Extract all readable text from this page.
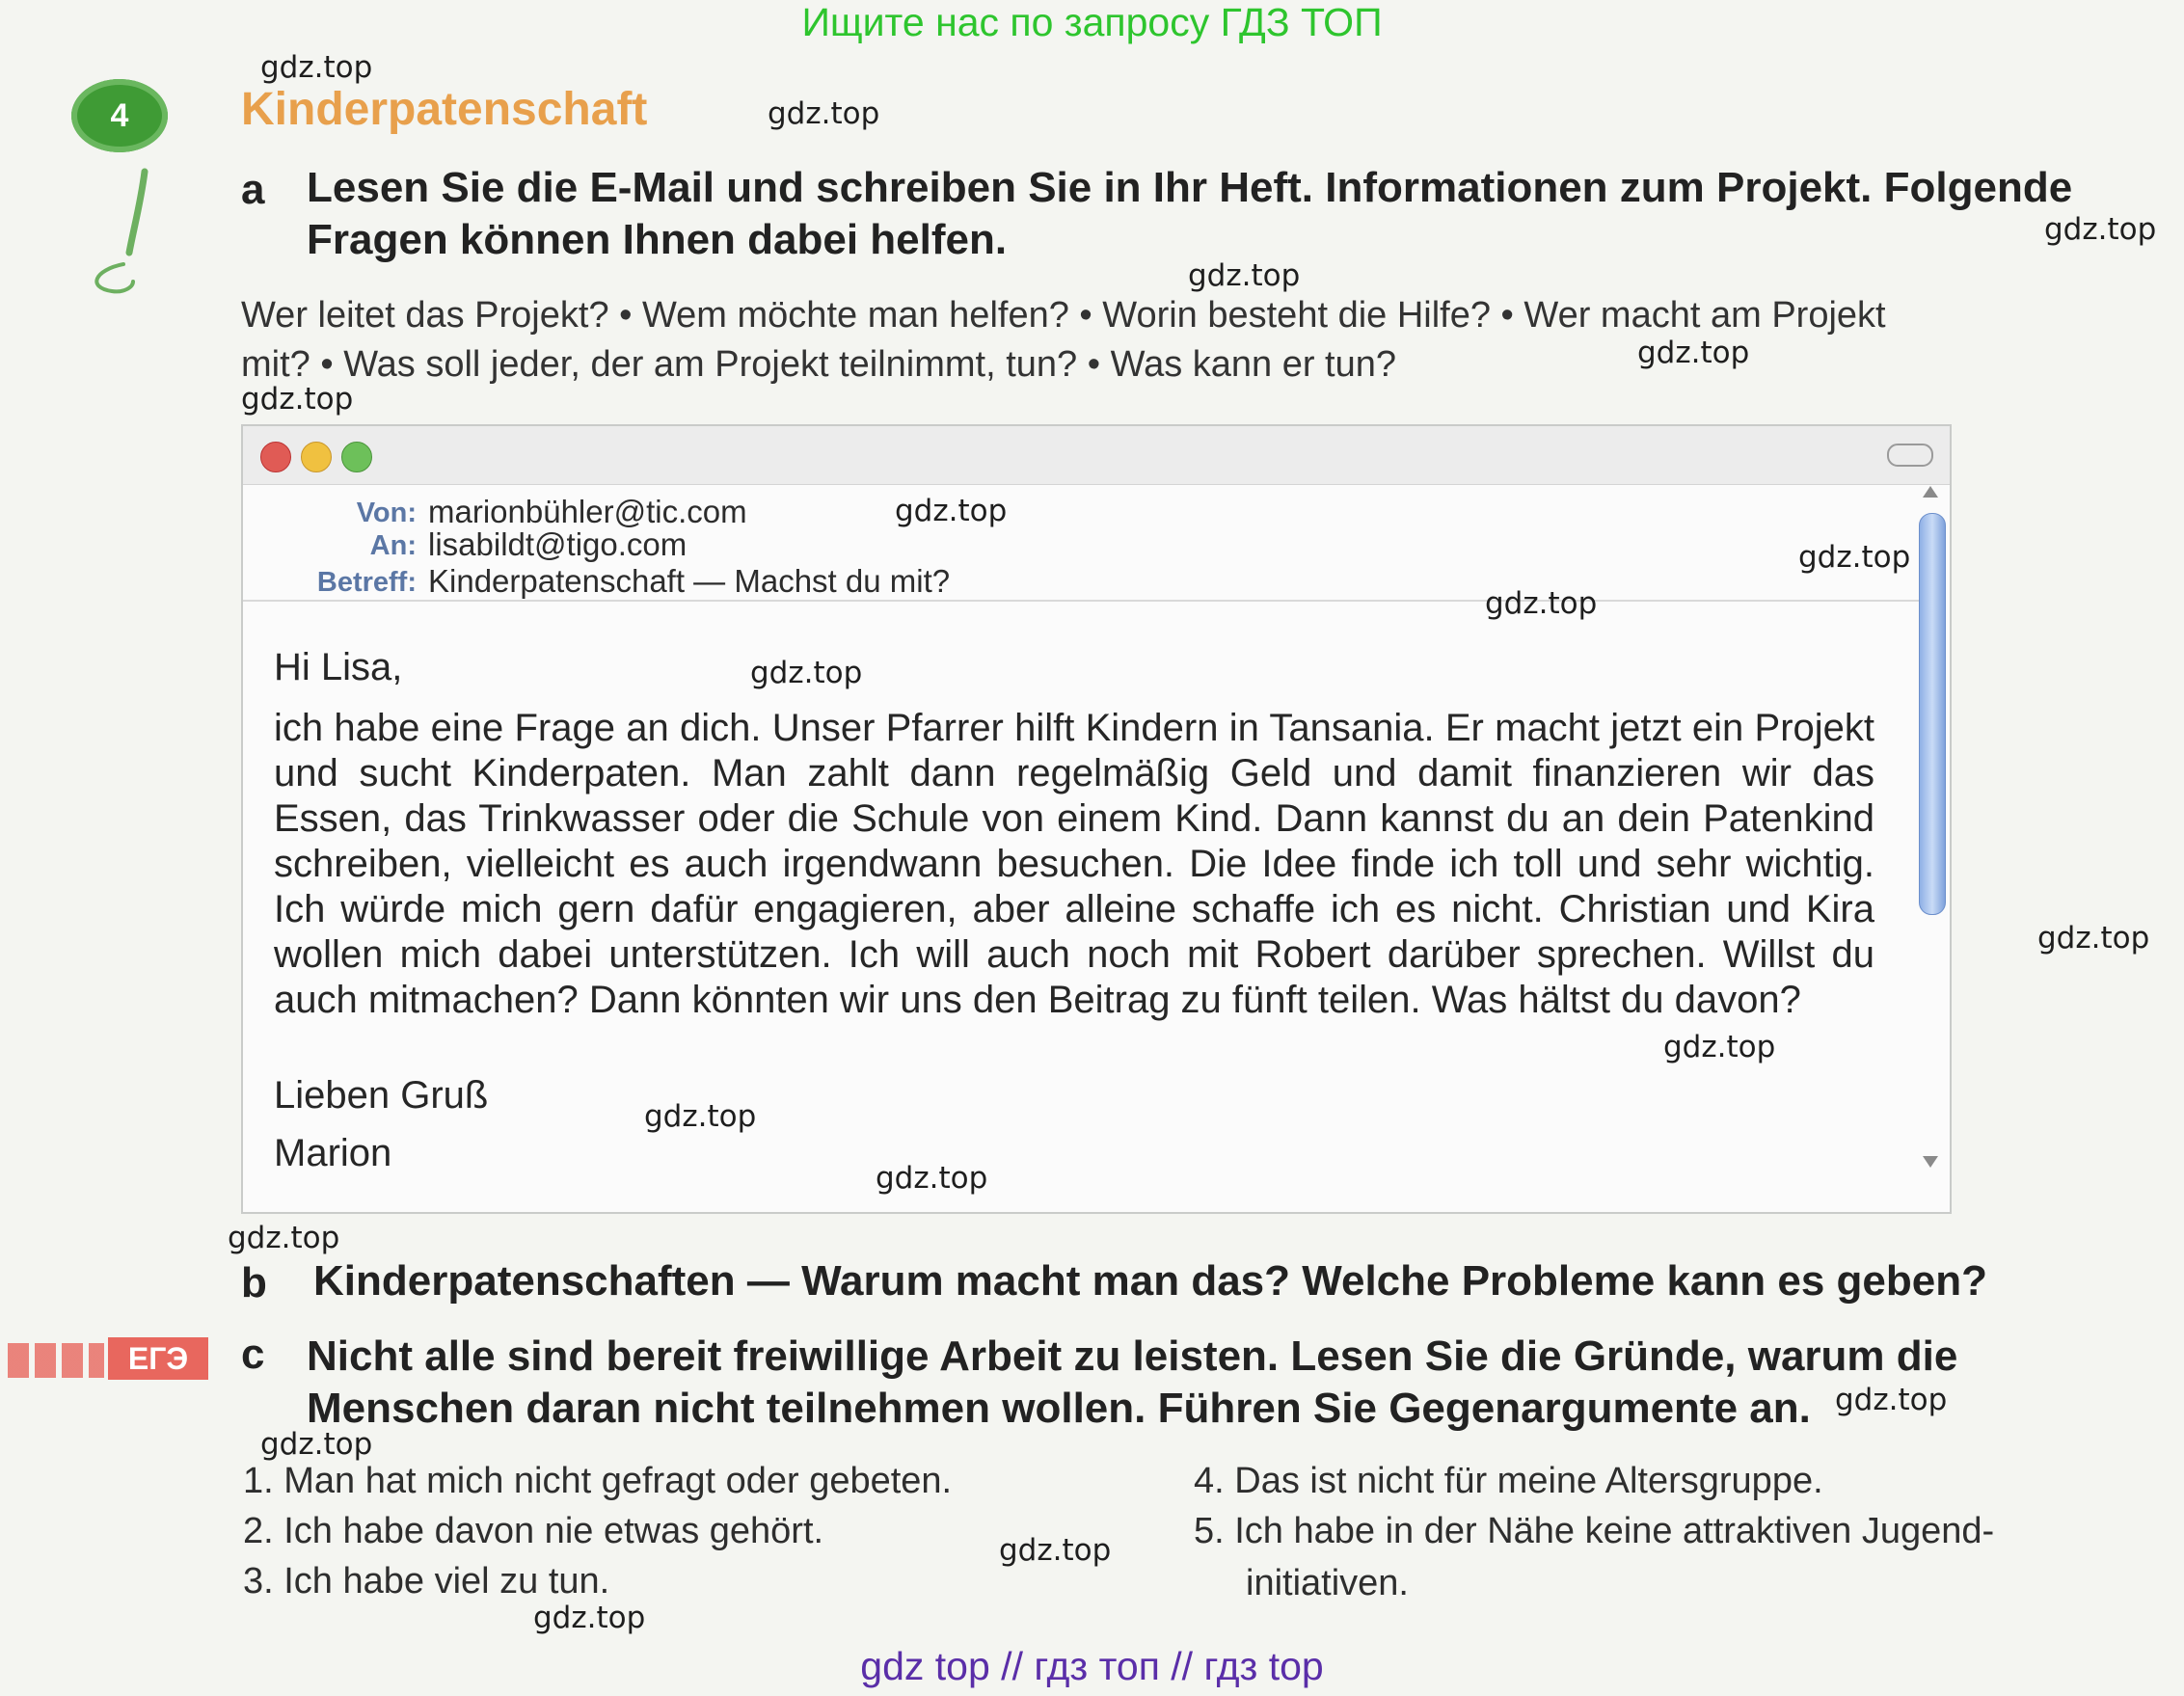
Ищите нас по запросу ГДЗ ТОП
gdz top // гдз топ // гдз top
4	Kinderpatenschaft
a Lesen Sie die E-Mail und schreiben Sie in Ihr Heft. Informationen zum Projekt. Folgende
Fragen können Ihnen dabei helfen.
Wer leitet das Projekt? • Wem möchte man helfen? • Worin besteht die Hilfe? • Wer macht am Projekt
mit? • Was soll jeder, der am Projekt teilnimmt, tun? • Was kann er tun?
Von: marionbühler@tic.com
An: lisabildt@tigo.com
Betreff: Kinderpatenschaft — Machst du mit?
Hi Lisa,
ich habe eine Frage an dich. Unser Pfarrer hilft Kindern in Tansania. Er macht jetzt ein Projekt und sucht Kinderpaten. Man zahlt dann regelmäßig Geld und damit finanzieren wir das Essen, das Trinkwasser oder die Schule von einem Kind. Dann kannst du an dein Patenkind schreiben, vielleicht es auch irgendwann besuchen. Die Idee finde ich toll und sehr wichtig. Ich würde mich gern dafür engagieren, aber alleine schaffe ich es nicht. Christian und Kira wollen mich dabei unterstützen. Ich will auch noch mit Robert darüber sprechen. Willst du auch mitmachen? Dann könnten wir uns den Beitrag zu fünft teilen. Was hältst du davon?
Lieben Gruß
Marion
b Kinderpatenschaften — Warum macht man das? Welche Probleme kann es geben?
ЕГЭ	c Nicht alle sind bereit freiwillige Arbeit zu leisten. Lesen Sie die Gründe, warum die
Menschen daran nicht teilnehmen wollen. Führen Sie Gegenargumente an.
1. Man hat mich nicht gefragt oder gebeten.
2. Ich habe davon nie etwas gehört.
3. Ich habe viel zu tun.
4. Das ist nicht für meine Altersgruppe.
5. Ich habe in der Nähe keine attraktiven Jugend-
initiativen.
gdz.top
gdz.top
gdz.top
gdz.top
gdz.top
gdz.top
gdz.top
gdz.top
gdz.top
gdz.top
gdz.top
gdz.top
gdz.top
gdz.top
gdz.top
gdz.top
gdz.top
gdz.top
gdz.top
